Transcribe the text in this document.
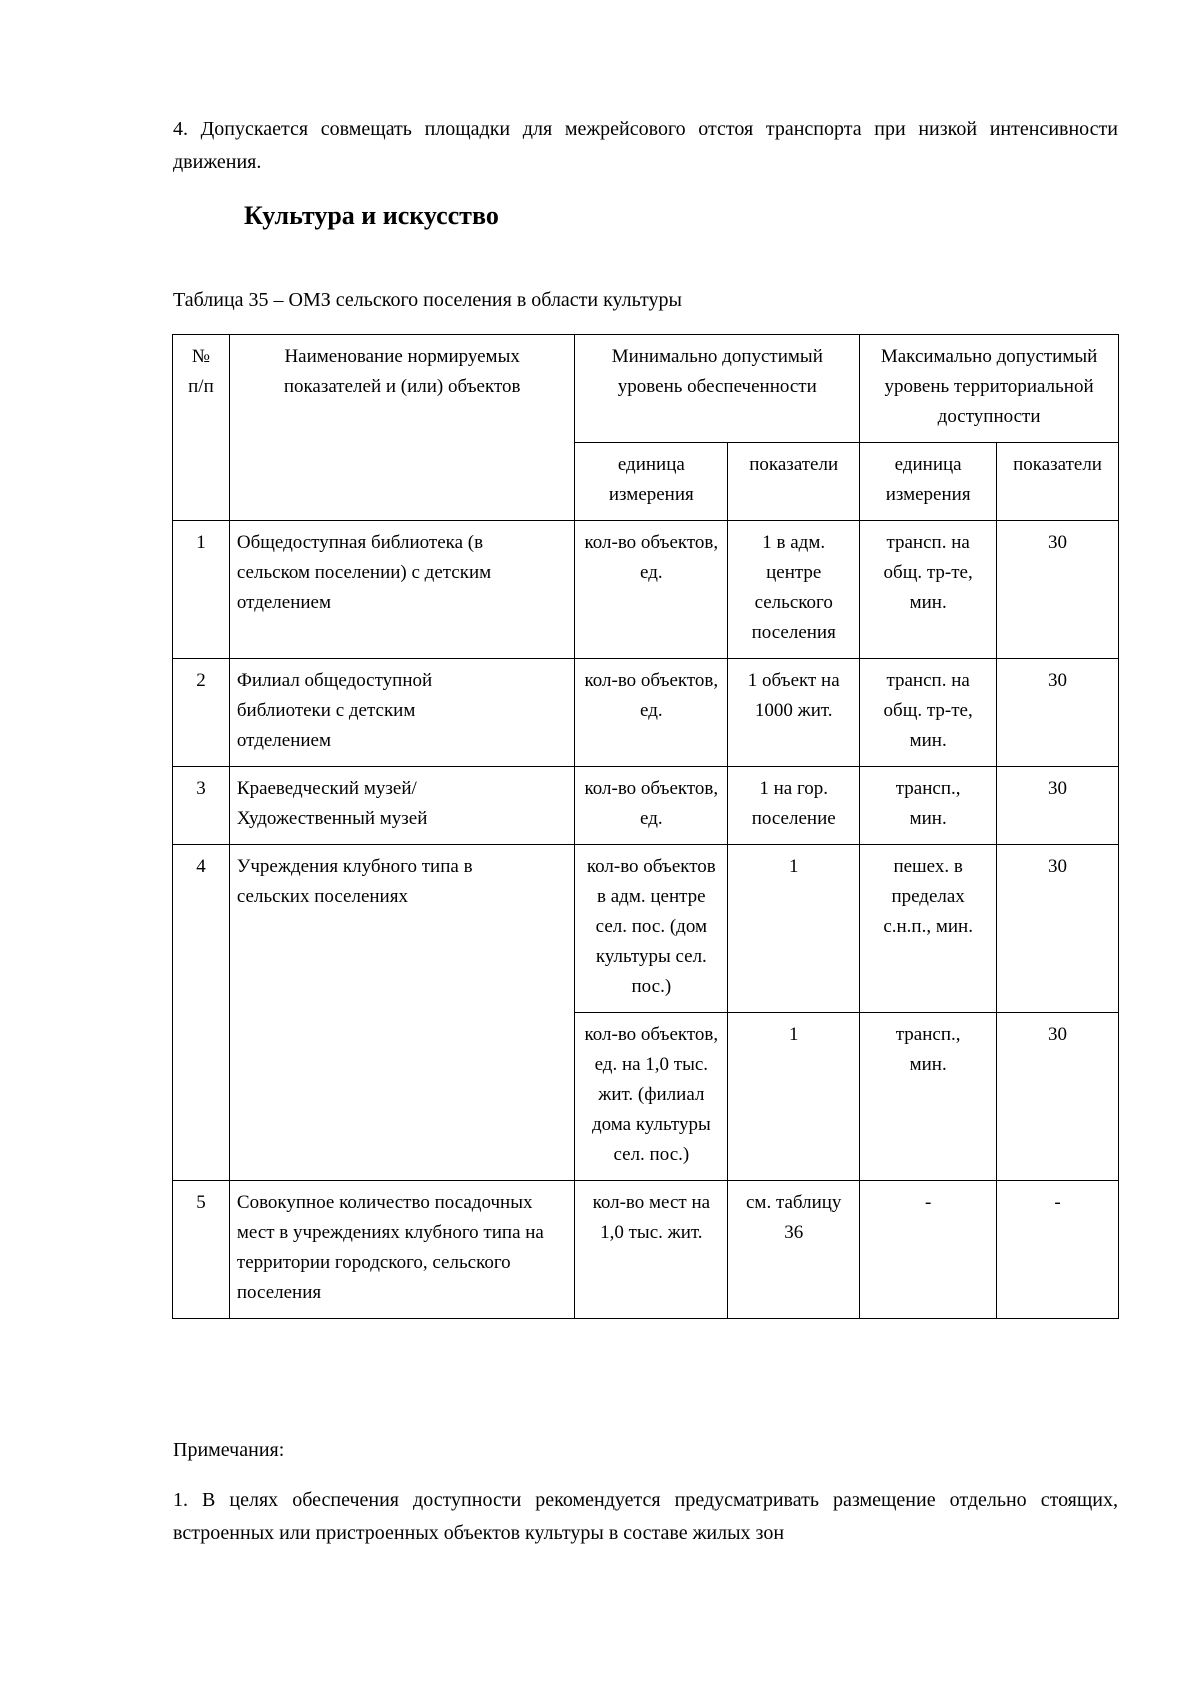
4. Допускается совмещать площадки для межрейсового отстоя транспорта при низкой интенсивности движения.

Культура и искусство

Таблица 35 – ОМЗ сельского поселения в области культуры

№ п/п	Наименование нормируемых показателей и (или) объектов	Минимально допустимый уровень обеспеченности		Максимально допустимый уровень территориальной доступности	
		единица измерения	показатели	единица измерения	показатели
1	Общедоступная библиотека (в сельском поселении) с детским отделением	кол-во объектов, ед.	1 в адм. центре сельского поселения	трансп. на общ. тр-те, мин.	30
2	Филиал общедоступной библиотеки с детским отделением	кол-во объектов, ед.	1 объект на 1000 жит.	трансп. на общ. тр-те, мин.	30
3	Краеведческий музей/ Художественный музей	кол-во объектов, ед.	1 на гор. поселение	трансп., мин.	30
4	Учреждения клубного типа в сельских поселениях	кол-во объектов в адм. центре сел. пос. (дом культуры сел. пос.)	1	пешех. в пределах с.н.п., мин.	30
		кол-во объектов, ед. на 1,0 тыс. жит. (филиал дома культуры сел. пос.)	1	трансп., мин.	30
5	Совокупное количество посадочных мест в учреждениях клубного типа на территории городского, сельского поселения	кол-во мест на 1,0 тыс. жит.	см. таблицу 36	-	-

Примечания:

1. В целях обеспечения доступности рекомендуется предусматривать размещение отдельно стоящих, встроенных или пристроенных объектов культуры в составе жилых зон
